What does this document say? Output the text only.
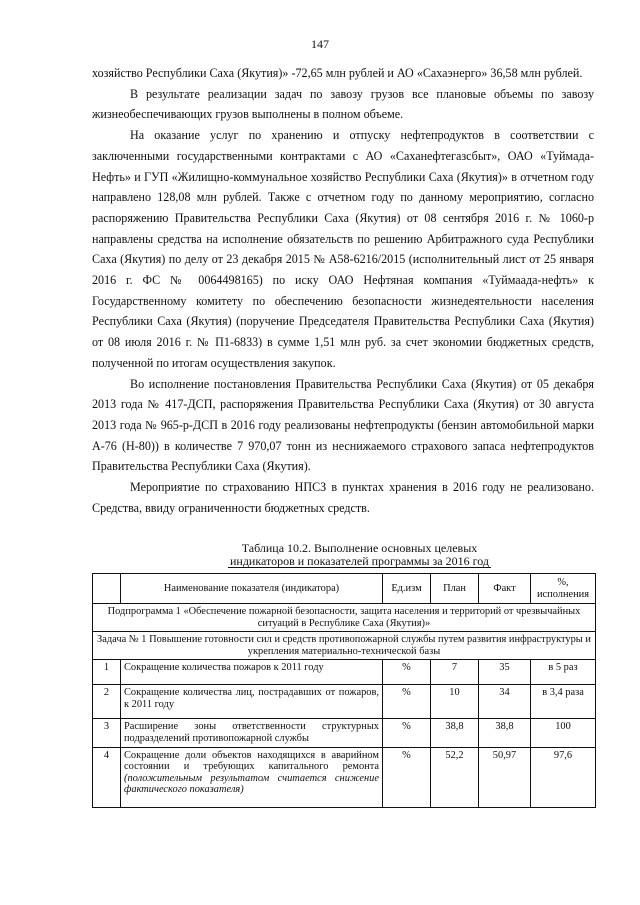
147

хозяйство Республики Саха (Якутия)» -72,65 млн рублей и АО «Сахаэнерго» 36,58 млн рублей.

В результате реализации задач по завозу грузов все плановые объемы по завозу жизнеобеспечивающих грузов выполнены в полном объеме.

На оказание услуг по хранению и отпуску нефтепродуктов в соответствии с заключенными государственными контрактами с АО «Саханефтегазсбыт», ОАО «Туймада-Нефть» и ГУП «Жилищно-коммунальное хозяйство Республики Саха (Якутия)» в отчетном году направлено 128,08 млн рублей. Также с отчетном году по данному мероприятию, согласно распоряжению Правительства Республики Саха (Якутия) от 08 сентября 2016 г. № 1060-р направлены средства на исполнение обязательств по решению Арбитражного суда Республики Саха (Якутия) по делу от 23 декабря 2015 № А58-6216/2015 (исполнительный лист от 25 января 2016 г. ФС № 0064498165) по иску ОАО Нефтяная компания «Туймаада-нефть» к Государственному комитету по обеспечению безопасности жизнедеятельности населения Республики Саха (Якутия) (поручение Председателя Правительства Республики Саха (Якутия) от 08 июля 2016 г. № П1-6833) в сумме 1,51 млн руб. за счет экономии бюджетных средств, полученной по итогам осуществления закупок.

Во исполнение постановления Правительства Республики Саха (Якутия) от 05 декабря 2013 года № 417-ДСП, распоряжения Правительства Республики Саха (Якутия) от 30 августа 2013 года № 965-р-ДСП в 2016 году реализованы нефтепродукты (бензин автомобильной марки А-76 (Н-80)) в количестве 7 970,07 тонн из неснижаемого страхового запаса нефтепродуктов Правительства Республики Саха (Якутия).

Мероприятие по страхованию НПСЗ в пунктах хранения в 2016 году не реализовано. Средства, ввиду ограниченности бюджетных средств.

Таблица 10.2. Выполнение основных целевых
индикаторов и показателей программы за 2016 год
	Наименование показателя (индикатора)	Ед.изм	План	Факт	%, исполнения
Подпрограмма 1 «Обеспечение пожарной безопасности, защита населения и территорий от чрезвычайных ситуаций в Республике Саха (Якутия)»					
Задача № 1 Повышение готовности сил и средств противопожарной службы путем развития инфраструктуры и укрепления материально-технической базы					
1	Сокращение количества пожаров к 2011 году	%	7	35	в 5 раз
2	Сокращение количества лиц, пострадавших от пожаров, к 2011 году	%	10	34	в 3,4 раза
3	Расширение зоны ответственности структурных подразделений противопожарной службы	%	38,8	38,8	100
4	Сокращение доли объектов находящихся в аварийном состоянии и требующих капитального ремонта (положительным результатом считается снижение фактического показателя)	%	52,2	50,97	97,6
